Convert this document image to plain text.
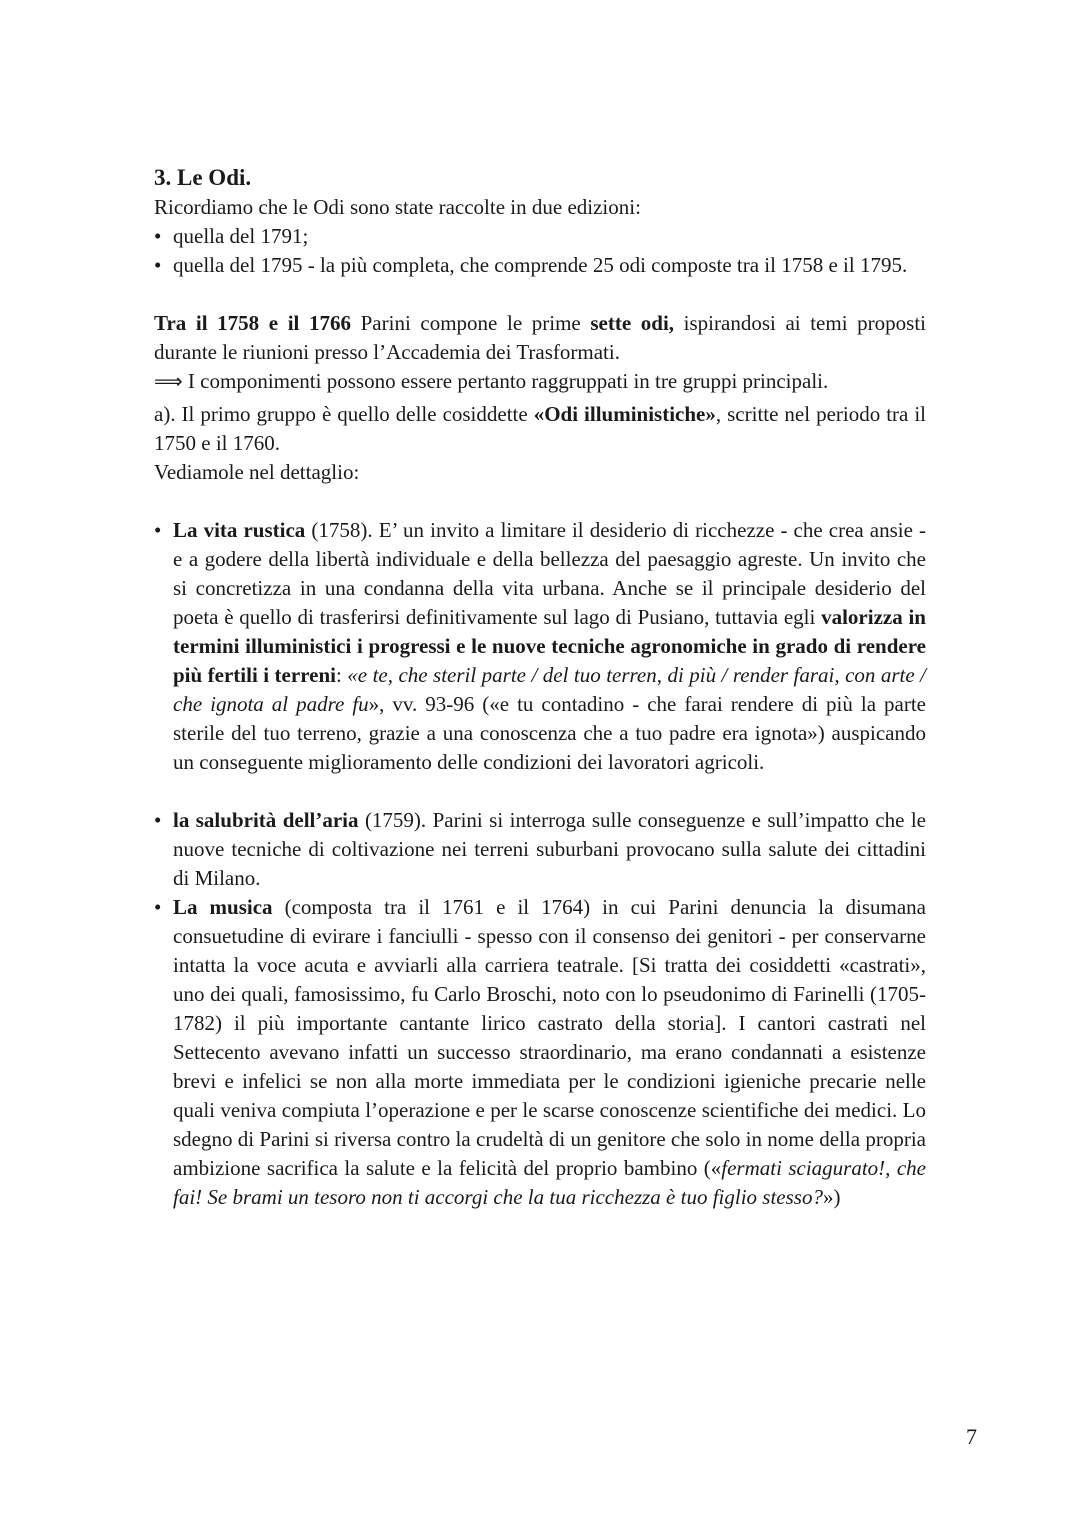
3. Le Odi.

Ricordiamo che le Odi sono state raccolte in due edizioni:

• quella del 1791;
• quella del 1795 - la più completa, che comprende 25 odi composte tra il 1758 e il 1795.

Tra il 1758 e il 1766 Parini compone le prime sette odi, ispirandosi ai temi proposti durante le riunioni presso l’Accademia dei Trasformati.

⟹ I componimenti possono essere pertanto raggruppati in tre gruppi principali.

a). Il primo gruppo è quello delle cosiddette «Odi illuministiche», scritte nel periodo tra il 1750 e il 1760.

Vediamole nel dettaglio:

• La vita rustica (1758). E’ un invito a limitare il desiderio di ricchezze - che crea ansie - e a godere della libertà individuale e della bellezza del paesaggio agreste. Un invito che si concretizza in una condanna della vita urbana. Anche se il principale desiderio del poeta è quello di trasferirsi definitivamente sul lago di Pusiano, tuttavia egli valorizza in termini illuministici i progressi e le nuove tecniche agronomiche in grado di rendere più fertili i terreni: «e te, che steril parte / del tuo terren, di più / render farai, con arte / che ignota al padre fu», vv. 93-96 («e tu contadino - che farai rendere di più la parte sterile del tuo terreno, grazie a una conoscenza che a tuo padre era ignota») auspicando un conseguente miglioramento delle condizioni dei lavoratori agricoli.
• la salubrità dell’aria (1759). Parini si interroga sulle conseguenze e sull’impatto che le nuove tecniche di coltivazione nei terreni suburbani provocano sulla salute dei cittadini di Milano.
• La musica (composta tra il 1761 e il 1764) in cui Parini denuncia la disumana consuetudine di evirare i fanciulli - spesso con il consenso dei genitori - per conservarne intatta la voce acuta e avviarli alla carriera teatrale. [Si tratta dei cosiddetti «castrati», uno dei quali, famosissimo, fu Carlo Broschi, noto con lo pseudonimo di Farinelli (1705-1782) il più importante cantante lirico castrato della storia]. I cantori castrati nel Settecento avevano infatti un successo straordinario, ma erano condannati a esistenze brevi e infelici se non alla morte immediata per le condizioni igieniche precarie nelle quali veniva compiuta l’operazione e per le scarse conoscenze scientifiche dei medici. Lo sdegno di Parini si riversa contro la crudeltà di un genitore che solo in nome della propria ambizione sacrifica la salute e la felicità del proprio bambino («fermati sciagurato!, che fai! Se brami un tesoro non ti accorgi che la tua ricchezza è tuo figlio stesso?»)
7
